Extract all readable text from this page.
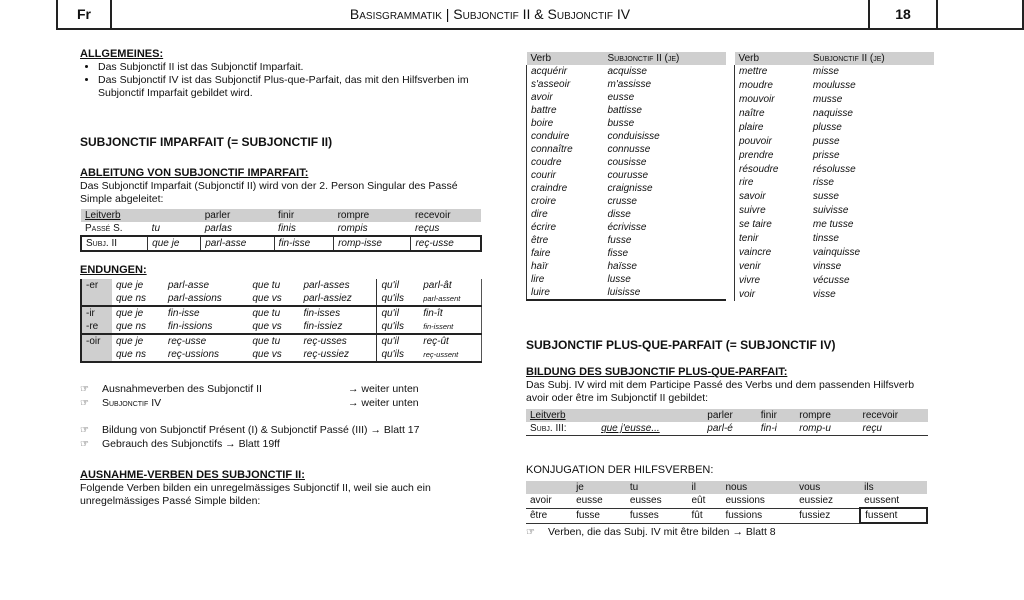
Fr	Basisgrammatik | Subjonctif II & Subjonctif IV	18
ALLGEMEINES:
• Das Subjonctif II ist das Subjonctif Imparfait.
• Das Subjonctif IV ist das Subjonctif Plus-que-Parfait, das mit den Hilfsverben im Subjonctif Imparfait gebildet wird.
SUBJONCTIF IMPARFAIT (= SUBJONCTIF II)
ABLEITUNG VON SUBJONCTIF IMPARFAIT:
Das Subjonctif Imparfait (Subjonctif II) wird von der 2. Person Singular des Passé Simple abgeleitet:
Leitverb		parler	finir	rompre	recevoir
Passé S.	tu	parlas	finis	rompis	reçus
Subj. II	que je	parl-asse	fin-isse	romp-isse	reç-usse
ENDUNGEN:
-er	que je	parl-asse	que tu	parl-asses	qu'il	parl-ât
	que ns	parl-assions	que vs	parl-assiez	qu'ils	parl-assent
-ir	que je	fin-isse	que tu	fin-isses	qu'il	fin-ît
-re	que ns	fin-issions	que vs	fin-issiez	qu'ils	fin-issent
-oir	que je	reç-usse	que tu	reç-usses	qu'il	reç-ût
	que ns	reç-ussions	que vs	reç-ussiez	qu'ils	reç-ussent
☞	Ausnahmeverben des Subjonctif II	→ weiter unten
☞	Subjonctif IV	→ weiter unten
☞	Bildung von Subjonctif Présent (I) & Subjonctif Passé (III) → Blatt 17
☞	Gebrauch des Subjonctifs → Blatt 19ff
AUSNAHME-VERBEN DES SUBJONCTIF II:
Folgende Verben bilden ein unregelmässiges Subjonctif II, weil sie auch ein unregelmässiges Passé Simple bilden:
Verb	Subjonctif II (je)
acquérir	acquisse
s'asseoir	m'assisse
avoir	eusse
battre	battisse
boire	busse
conduire	conduisisse
connaître	connusse
coudre	cousisse
courir	courusse
craindre	craignisse
croire	crusse
dire	disse
écrire	écrivisse
être	fusse
faire	fisse
haïr	haïsse
lire	lusse
luire	luisisse
Verb	Subjonctif II (je)
mettre	misse
moudre	moulusse
mouvoir	musse
naître	naquisse
plaire	plusse
pouvoir	pusse
prendre	prisse
résoudre	résolusse
rire	risse
savoir	susse
suivre	suivisse
se taire	me tusse
tenir	tinsse
vaincre	vainquisse
venir	vinsse
vivre	vécusse
voir	visse
SUBJONCTIF PLUS-QUE-PARFAIT (= SUBJONCTIF IV)
BILDUNG DES SUBJONCTIF PLUS-QUE-PARFAIT:
Das Subj. IV wird mit dem Participe Passé des Verbs und dem passenden Hilfsverb avoir oder être im Subjonctif II gebildet:
Leitverb		parler	finir	rompre	recevoir
Subj. III:	que j'eusse...	parl-é	fin-i	romp-u	reçu
KONJUGATION DER HILFSVERBEN:
	je	tu	il	nous	vous	ils
avoir	eusse	eusses	eût	eussions	eussiez	eussent
être	fusse	fusses	fût	fussions	fussiez	fussent
☞	Verben, die das Subj. IV mit être bilden → Blatt 8
